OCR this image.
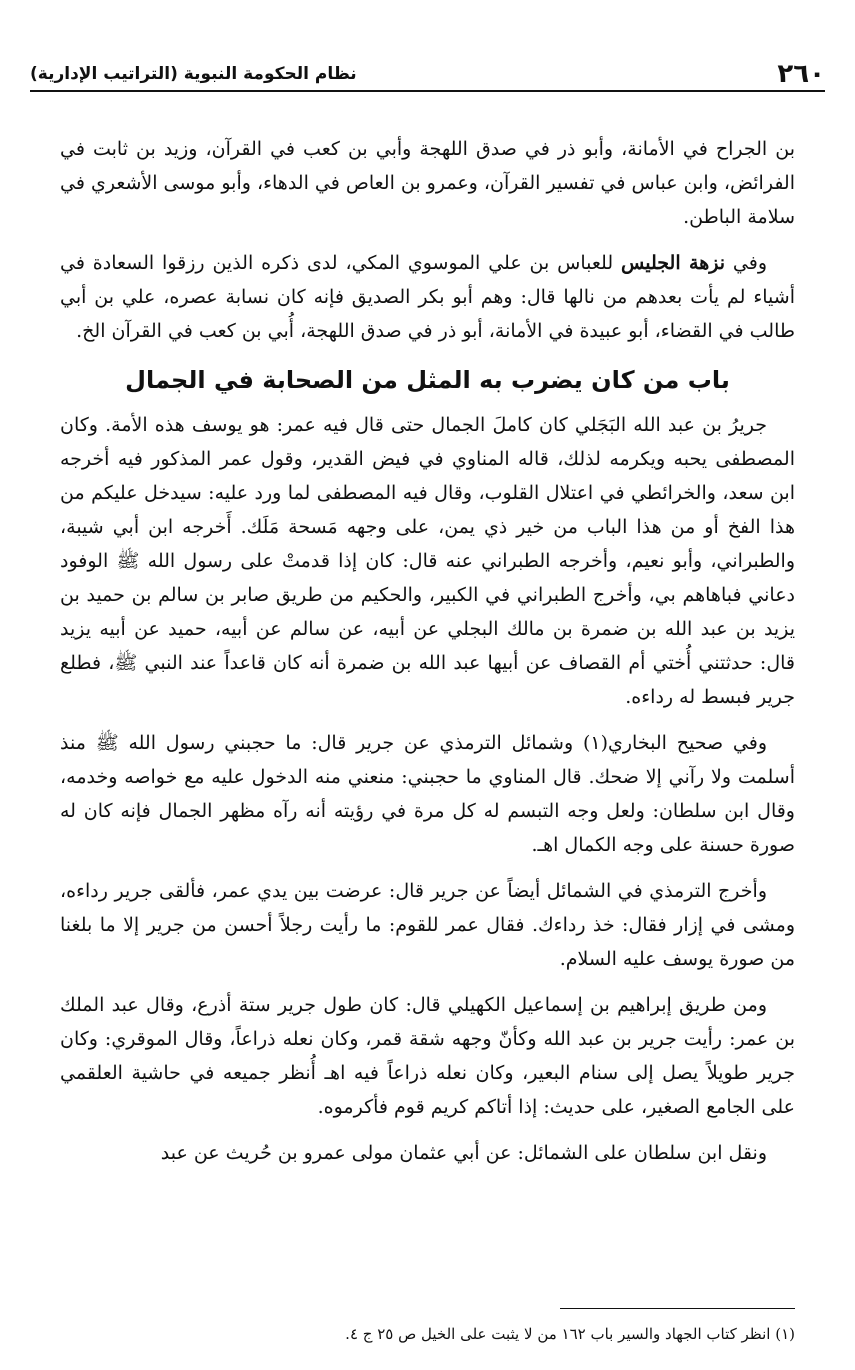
٢٦٠
نظام الحكومة النبوية (التراتيب الإدارية)

بن الجراح في الأمانة، وأبو ذر في صدق اللهجة وأبي بن كعب في القرآن، وزيد بن ثابت في الفرائض، وابن عباس في تفسير القرآن، وعمرو بن العاص في الدهاء، وأبو موسى الأشعري في سلامة الباطن.

وفي نزهة الجليس للعباس بن علي الموسوي المكي، لدى ذكره الذين رزقوا السعادة في أشياء لم يأت بعدهم من نالها قال: وهم أبو بكر الصديق فإنه كان نسابة عصره، علي بن أبي طالب في القضاء، أبو عبيدة في الأمانة، أبو ذر في صدق اللهجة، أُبي بن كعب في القرآن الخ.

باب من كان يضرب به المثل من الصحابة في الجمال

جريرُ بن عبد الله البَجَلي كان كاملَ الجمال حتى قال فيه عمر: هو يوسف هذه الأمة. وكان المصطفى يحبه ويكرمه لذلك، قاله المناوي في فيض القدير، وقول عمر المذكور فيه أخرجه ابن سعد، والخرائطي في اعتلال القلوب، وقال فيه المصطفى لما ورد عليه: سيدخل عليكم من هذا الفخ أو من هذا الباب من خير ذي يمن، على وجهه مَسحة مَلَك. أَخرجه ابن أبي شيبة، والطبراني، وأبو نعيم، وأخرجه الطبراني عنه قال: كان إذا قدمتْ على رسول الله ﷺ الوفود دعاني فباهاهم بي، وأخرج الطبراني في الكبير، والحكيم من طريق صابر بن سالم بن حميد بن يزيد بن عبد الله بن ضمرة بن مالك البجلي عن أبيه، عن سالم عن أبيه، حميد عن أبيه يزيد قال: حدثتني أُختي أم القصاف عن أبيها عبد الله بن ضمرة أنه كان قاعداً عند النبي ﷺ، فطلع جرير فبسط له رداءه.

وفي صحيح البخاري(١) وشمائل الترمذي عن جرير قال: ما حجبني رسول الله ﷺ منذ أسلمت ولا رآني إلا ضحك. قال المناوي ما حجبني: منعني منه الدخول عليه مع خواصه وخدمه، وقال ابن سلطان: ولعل وجه التبسم له كل مرة في رؤيته أنه رآه مظهر الجمال فإنه كان له صورة حسنة على وجه الكمال اهـ.

وأخرج الترمذي في الشمائل أيضاً عن جرير قال: عرضت بين يدي عمر، فألقى جرير رداءه، ومشى في إزار فقال: خذ رداءك. فقال عمر للقوم: ما رأيت رجلاً أحسن من جرير إلا ما بلغنا من صورة يوسف عليه السلام.

ومن طريق إبراهيم بن إسماعيل الكهيلي قال: كان طول جرير ستة أذرع، وقال عبد الملك بن عمر: رأيت جرير بن عبد الله وكأنّ وجهه شقة قمر، وكان نعله ذراعاً، وقال الموقري: وكان جرير طويلاً يصل إلى سنام البعير، وكان نعله ذراعاً فيه اهـ أُنظر جميعه في حاشية العلقمي على الجامع الصغير، على حديث: إذا أتاكم كريم قوم فأكرموه.

ونقل ابن سلطان على الشمائل: عن أبي عثمان مولى عمرو بن حُريث عن عبد

(١) انظر كتاب الجهاد والسير باب ١٦٢ من لا يثبت على الخيل ص ٢٥ ج ٤.
